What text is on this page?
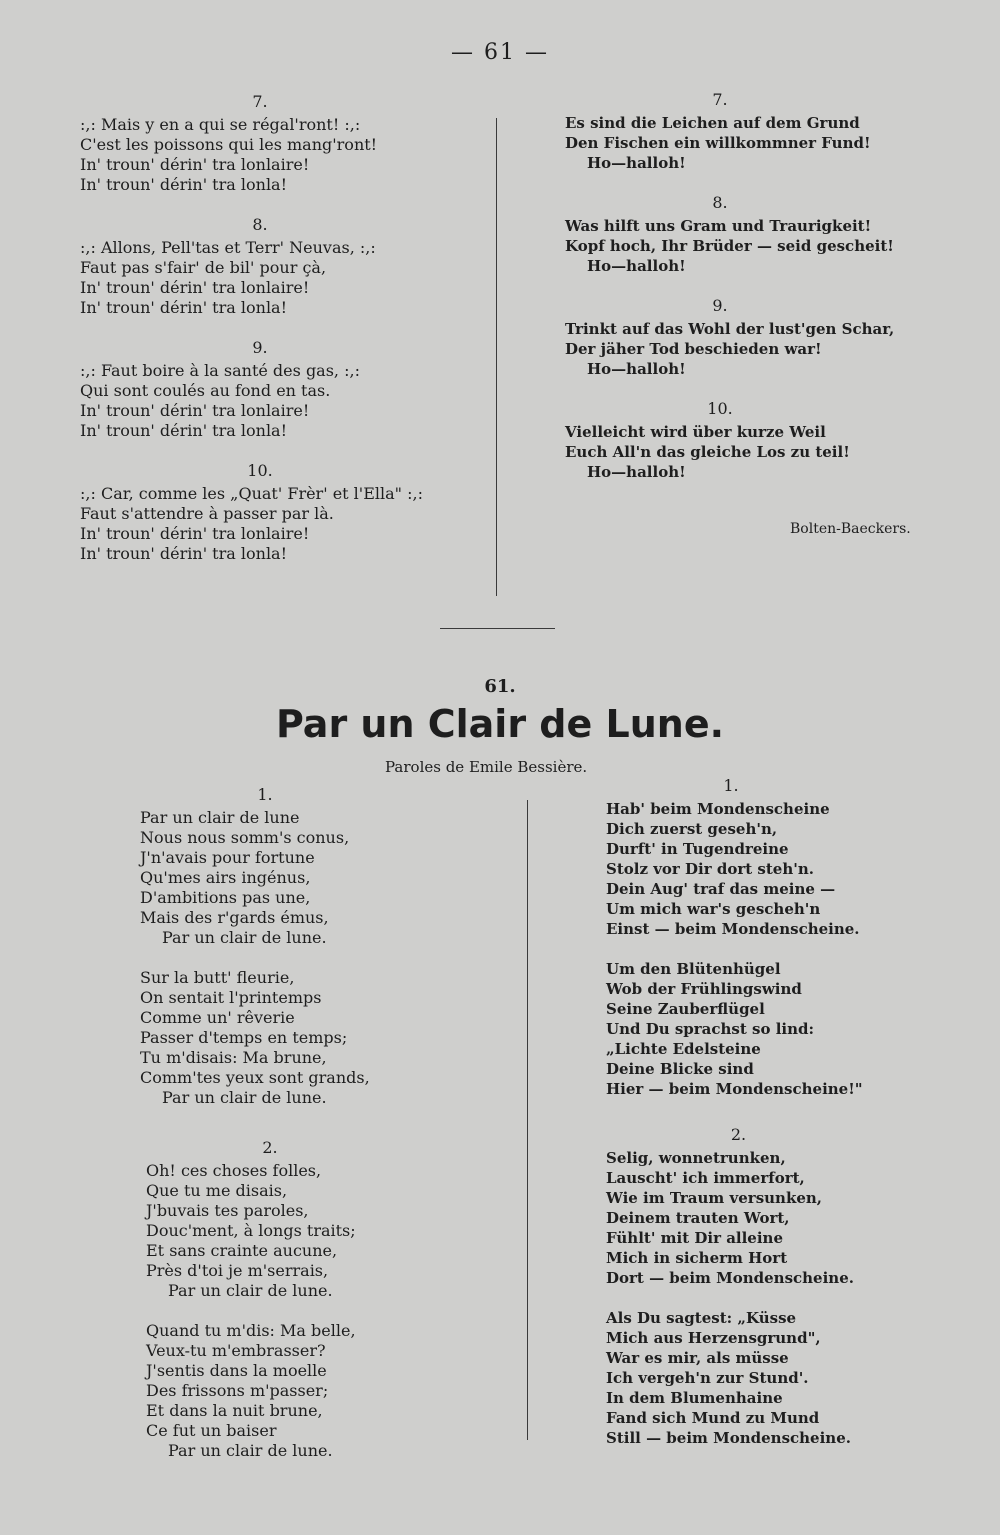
— 61 —
7.
:,: Mais y en a qui se régal'ront! :,:
C'est les poissons qui les mang'ront!
In' troun' dérin' tra lonlaire!
In' troun' dérin' tra lonla!
8.
:,: Allons, Pell'tas et Terr' Neuvas, :,:
Faut pas s'fair' de bil' pour çà,
In' troun' dérin' tra lonlaire!
In' troun' dérin' tra lonla!
9.
:,: Faut boire à la santé des gas, :,:
Qui sont coulés au fond en tas.
In' troun' dérin' tra lonlaire!
In' troun' dérin' tra lonla!
10.
:,: Car, comme les „Quat' Frèr' et l'Ella" :,:
Faut s'attendre à passer par là.
In' troun' dérin' tra lonlaire!
In' troun' dérin' tra lonla!
7.
Es sind die Leichen auf dem Grund
Den Fischen ein willkommner Fund!
Ho—halloh!
8.
Was hilft uns Gram und Traurigkeit!
Kopf hoch, Ihr Brüder — seid gescheit!
Ho—halloh!
9.
Trinkt auf das Wohl der lust'gen Schar,
Der jäher Tod beschieden war!
Ho—halloh!
10.
Vielleicht wird über kurze Weil
Euch All'n das gleiche Los zu teil!
Ho—halloh!
Bolten-Baeckers.
61.
Par un Clair de Lune.
Paroles de Emile Bessière.
1.
Par un clair de lune
Nous nous somm's conus,
J'n'avais pour fortune
Qu'mes airs ingénus,
D'ambitions pas une,
Mais des r'gards émus,
Par un clair de lune.
Sur la butt' fleurie,
On sentait l'printemps
Comme un' rêverie
Passer d'temps en temps;
Tu m'disais: Ma brune,
Comm'tes yeux sont grands,
Par un clair de lune.
2.
Oh! ces choses folles,
Que tu me disais,
J'buvais tes paroles,
Douc'ment, à longs traits;
Et sans crainte aucune,
Près d'toi je m'serrais,
Par un clair de lune.
Quand tu m'dis: Ma belle,
Veux-tu m'embrasser?
J'sentis dans la moelle
Des frissons m'passer;
Et dans la nuit brune,
Ce fut un baiser
Par un clair de lune.
1.
Hab' beim Mondenscheine
Dich zuerst geseh'n,
Durft' in Tugendreine
Stolz vor Dir dort steh'n.
Dein Aug' traf das meine —
Um mich war's gescheh'n
Einst — beim Mondenscheine.
Um den Blütenhügel
Wob der Frühlingswind
Seine Zauberflügel
Und Du sprachst so lind:
„Lichte Edelsteine
Deine Blicke sind
Hier — beim Mondenscheine!"
2.
Selig, wonnetrunken,
Lauscht' ich immerfort,
Wie im Traum versunken,
Deinem trauten Wort,
Fühlt' mit Dir alleine
Mich in sicherm Hort
Dort — beim Mondenscheine.
Als Du sagtest: „Küsse
Mich aus Herzensgrund",
War es mir, als müsse
Ich vergeh'n zur Stund'.
In dem Blumenhaine
Fand sich Mund zu Mund
Still — beim Mondenscheine.
